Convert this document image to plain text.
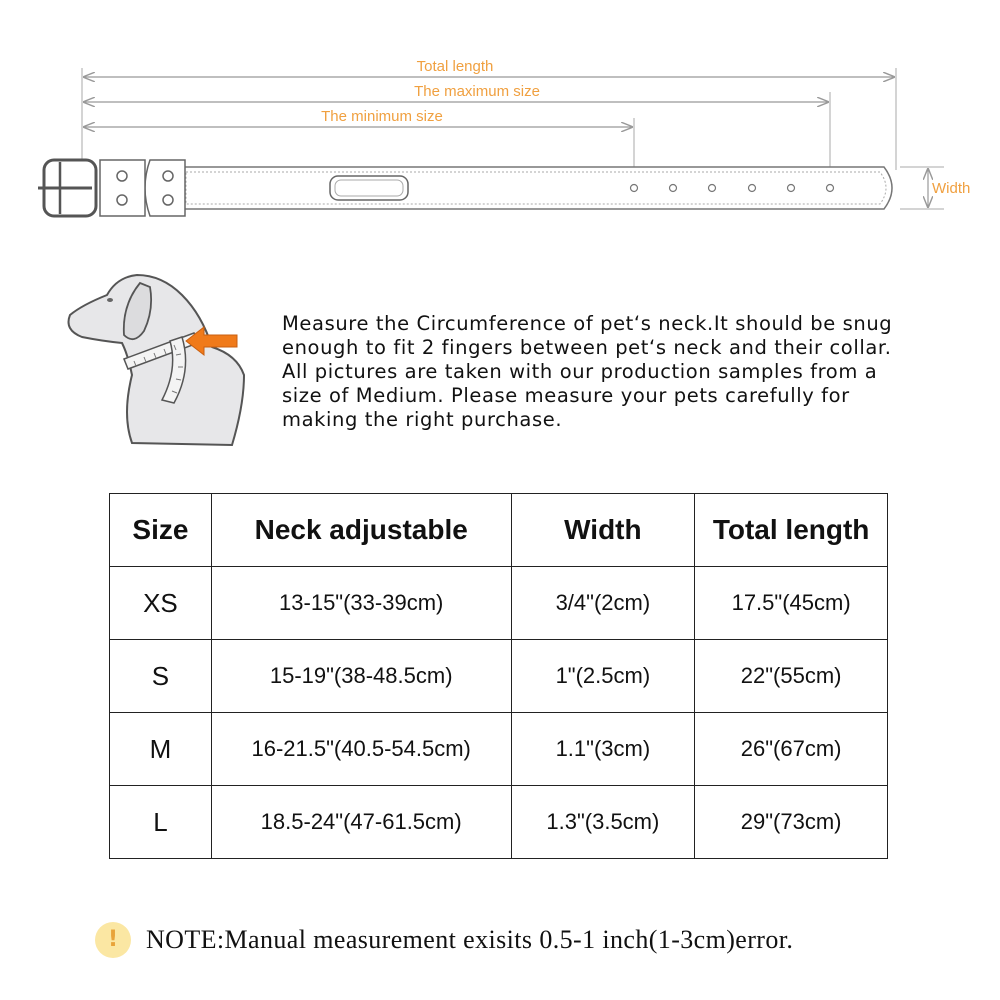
Total length
The maximum size
The minimum size
Width

Measure the Circumference of pet‘s neck.It should be snug

enough to fit 2 fingers between pet‘s neck and their collar.

All pictures are taken with our production samples from a

size of Medium. Please measure your pets carefully for

making the right purchase.

Size	Neck adjustable	Width	Total length
XS	13-15"(33-39cm)	3/4"(2cm)	17.5"(45cm)
S	15-19"(38-48.5cm)	1"(2.5cm)	22"(55cm)
M	16-21.5"(40.5-54.5cm)	1.1"(3cm)	26"(67cm)
L	18.5-24"(47-61.5cm)	1.3"(3.5cm)	29"(73cm)
!	NOTE:Manual measurement exisits 0.5-1 inch(1-3cm)error.
